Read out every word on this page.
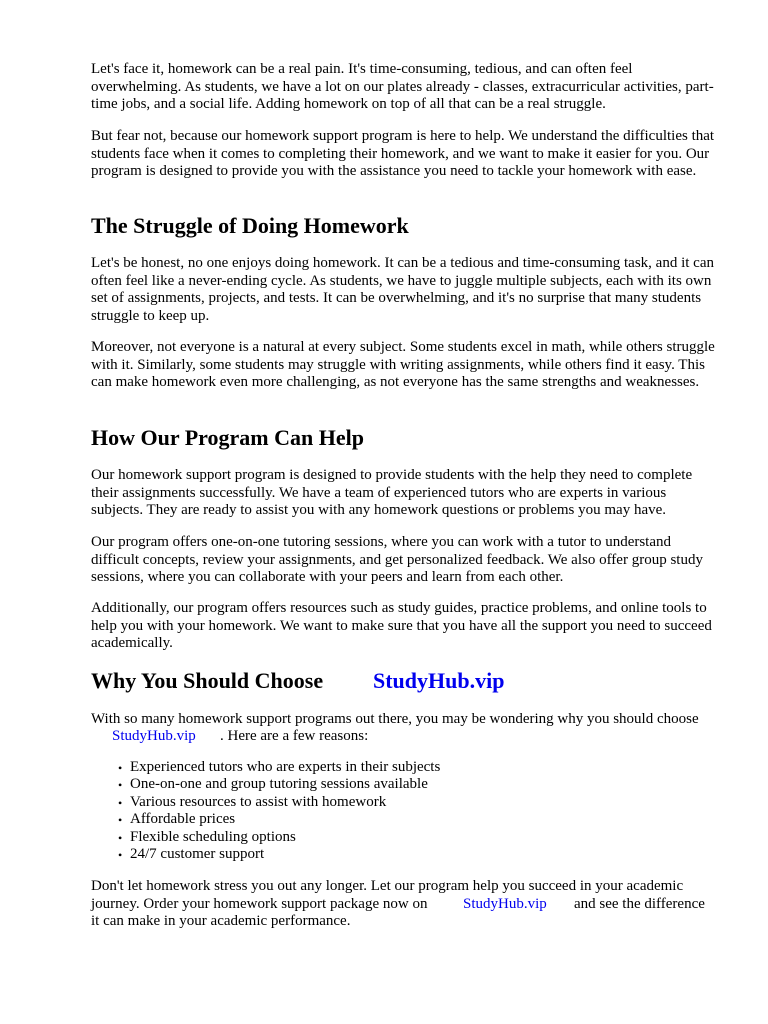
Let's face it, homework can be a real pain. It's time-consuming, tedious, and can often feel overwhelming. As students, we have a lot on our plates already - classes, extracurricular activities, part-time jobs, and a social life. Adding homework on top of all that can be a real struggle.

But fear not, because our homework support program is here to help. We understand the difficulties that students face when it comes to completing their homework, and we want to make it easier for you. Our program is designed to provide you with the assistance you need to tackle your homework with ease.

The Struggle of Doing Homework

Let's be honest, no one enjoys doing homework. It can be a tedious and time-consuming task, and it can often feel like a never-ending cycle. As students, we have to juggle multiple subjects, each with its own set of assignments, projects, and tests. It can be overwhelming, and it's no surprise that many students struggle to keep up.

Moreover, not everyone is a natural at every subject. Some students excel in math, while others struggle with it. Similarly, some students may struggle with writing assignments, while others find it easy. This can make homework even more challenging, as not everyone has the same strengths and weaknesses.

How Our Program Can Help

Our homework support program is designed to provide students with the help they need to complete their assignments successfully. We have a team of experienced tutors who are experts in various subjects. They are ready to assist you with any homework questions or problems you may have.

Our program offers one-on-one tutoring sessions, where you can work with a tutor to understand difficult concepts, review your assignments, and get personalized feedback. We also offer group study sessions, where you can collaborate with your peers and learn from each other.

Additionally, our program offers resources such as study guides, practice problems, and online tools to help you with your homework. We want to make sure that you have all the support you need to succeed academically.

Why You Should Choose	StudyHub.vip

With so many homework support programs out there, you may be wondering why you should choose

StudyHub.vip . Here are a few reasons:
• Experienced tutors who are experts in their subjects
• One-on-one and group tutoring sessions available
• Various resources to assist with homework
• Affordable prices
• Flexible scheduling options
• 24/7 customer support
Don't let homework stress you out any longer. Let our program help you succeed in your academic
journey. Order your homework support package now on StudyHub.vip and see the difference
it can make in your academic performance.
